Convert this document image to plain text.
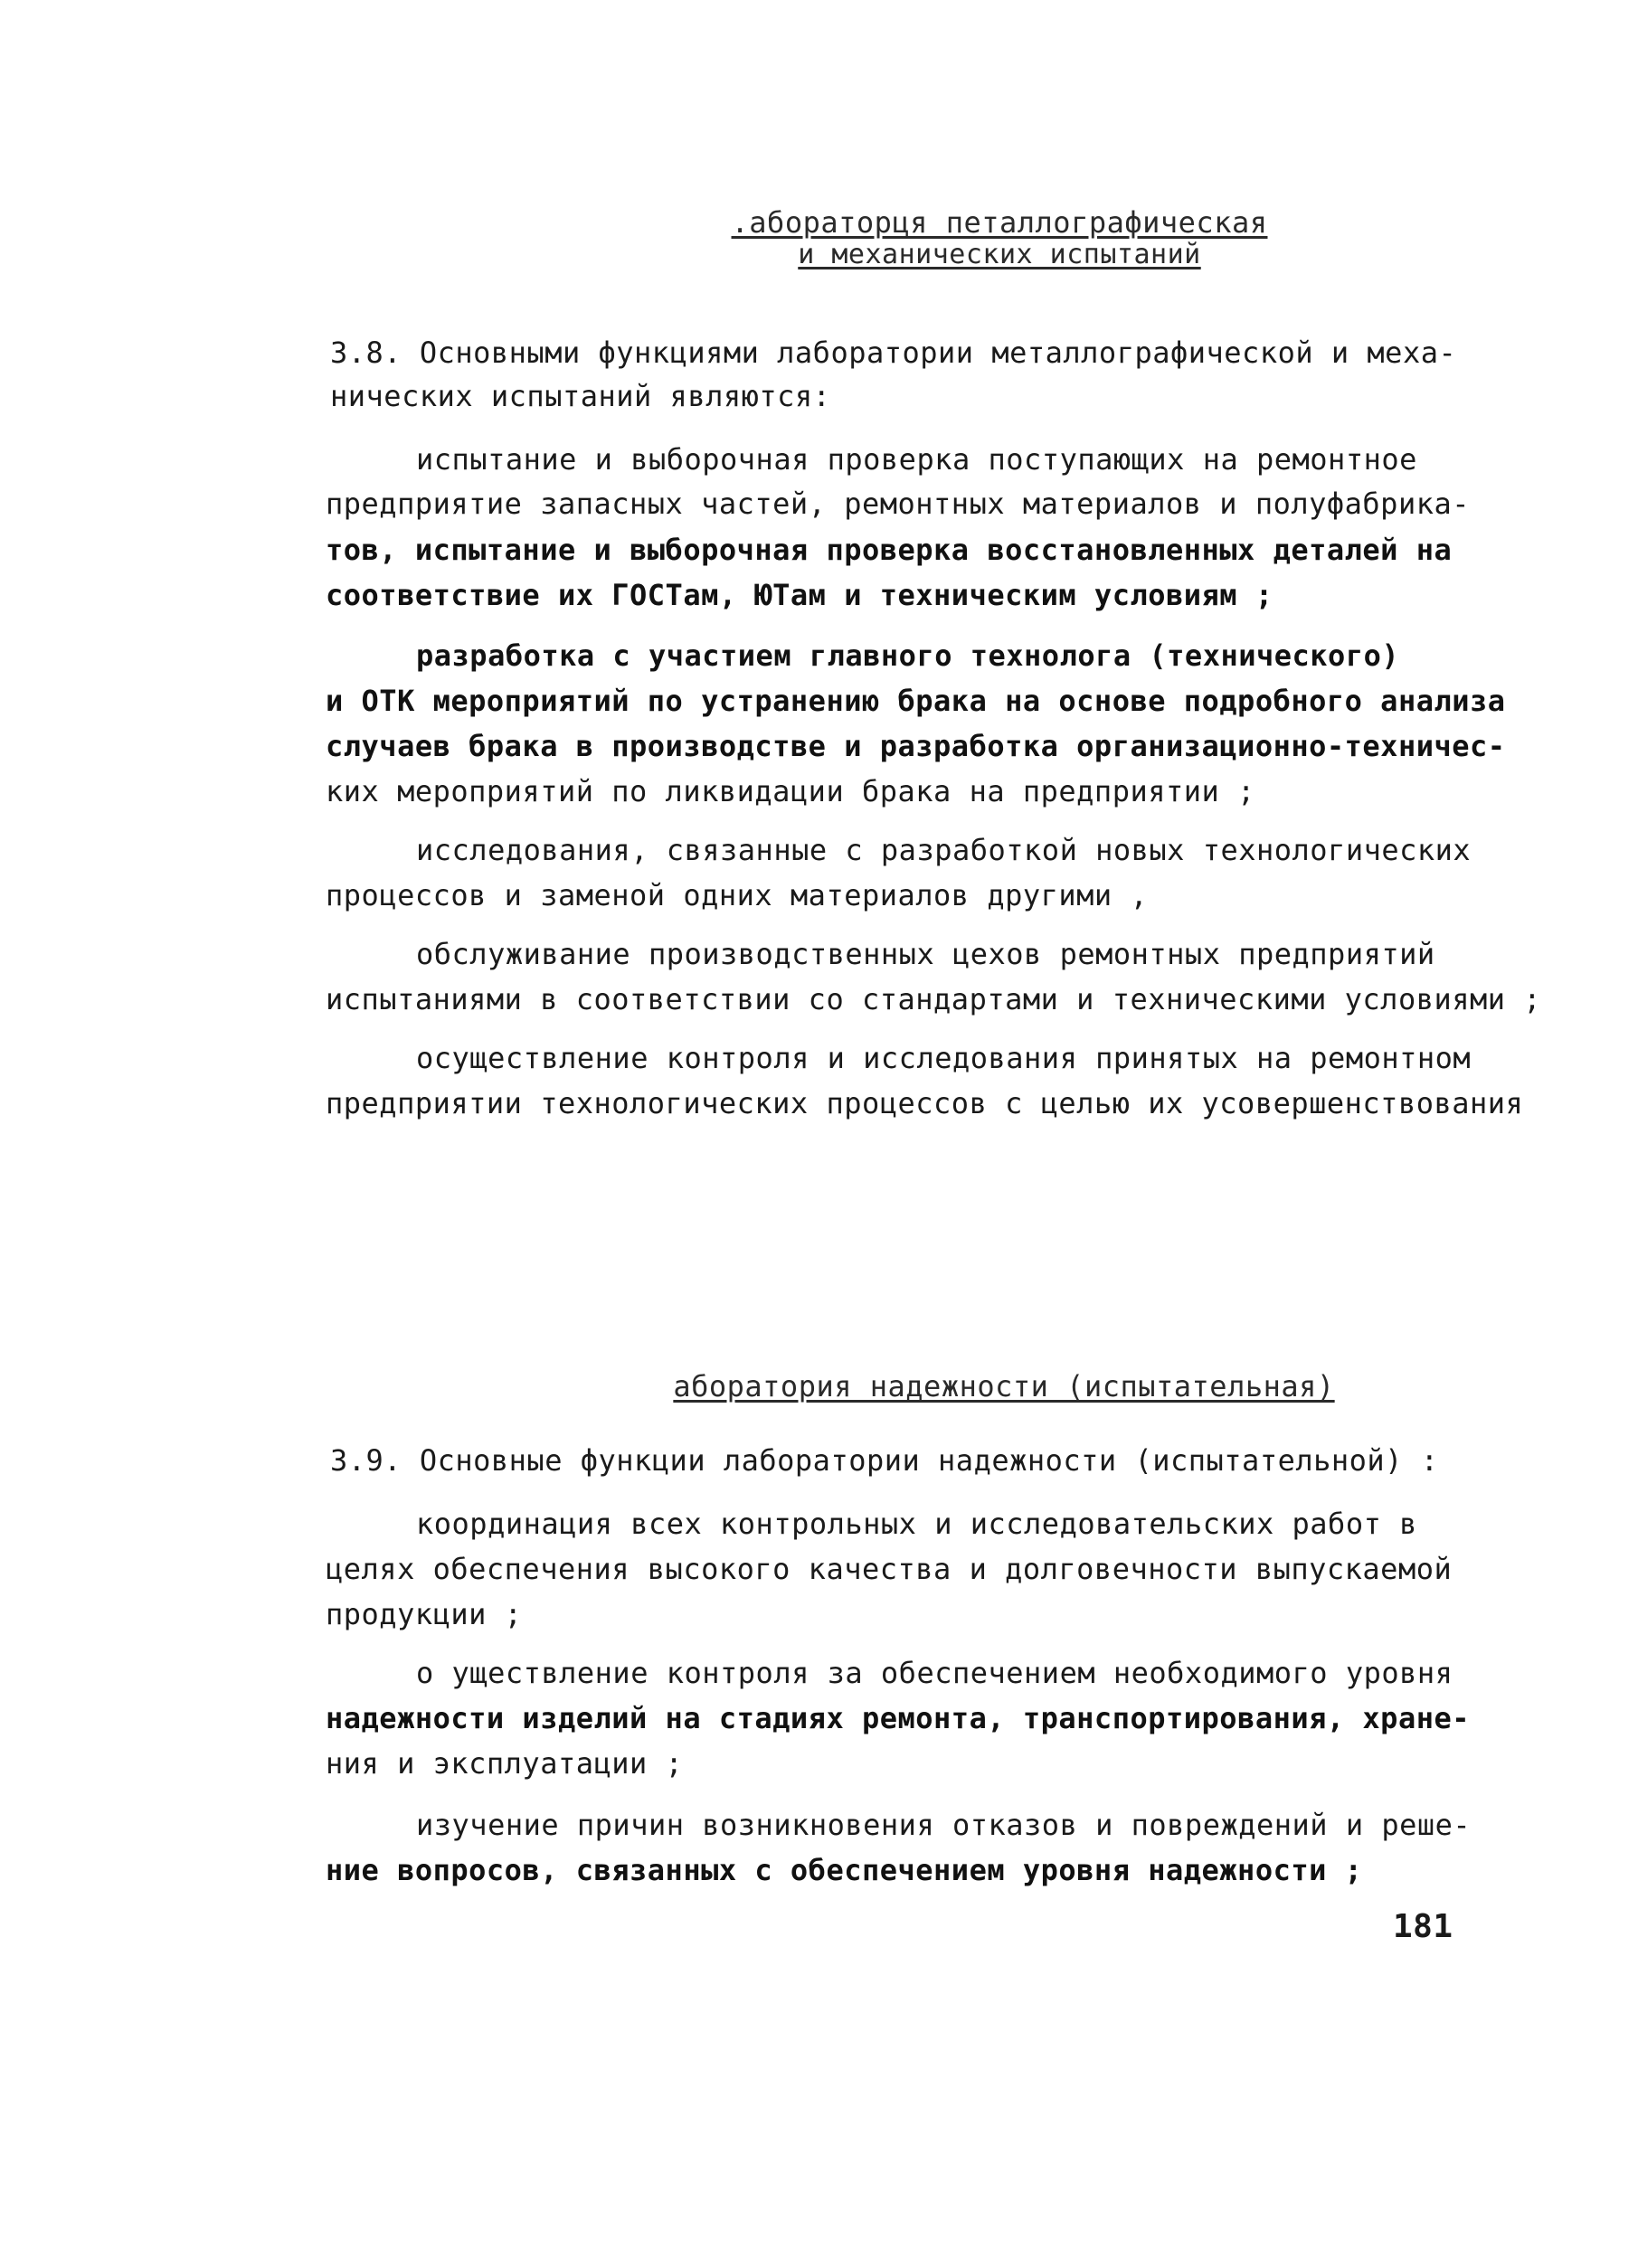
.абораторця петаллографическая
и механических испытаний
3.8. Основными функциями лаборатории металлографической и меха-
нических испытаний являются:
испытание и выборочная проверка поступающих на ремонтное
предприятие запасных частей, ремонтных материалов и полуфабрика-
тов, испытание и выборочная проверка восстановленных деталей на
соответствие их ГОСТам, ЮТам и техническим условиям ;
разработка с участием главного технолога (технического)
и ОТК мероприятий по устранению брака на основе подробного анализа
случаев брака в производстве и разработка организационно-техничес-
ких мероприятий по ликвидации брака на предприятии ;
исследования, связанные с разработкой новых технологических
процессов и заменой одних материалов другими ,
обслуживание производственных цехов ремонтных предприятий
испытаниями в соответствии со стандартами и техническими условиями ;
осуществление контроля и исследования принятых на ремонтном
предприятии технологических процессов с целью их усовершенствования
аборатория надежности (испытательная)
3.9. Основные функции лаборатории надежности (испытательной) :
координация всех контрольных и исследовательских работ в
целях обеспечения высокого качества и долговечности выпускаемой
продукции ;
о уществление контроля за обеспечением необходимого уровня
надежности изделий на стадиях ремонта, транспортирования, хране-
ния и эксплуатации ;
изучение причин возникновения отказов и повреждений и реше-
ние вопросов, связанных с обеспечением уровня надежности ;
181
